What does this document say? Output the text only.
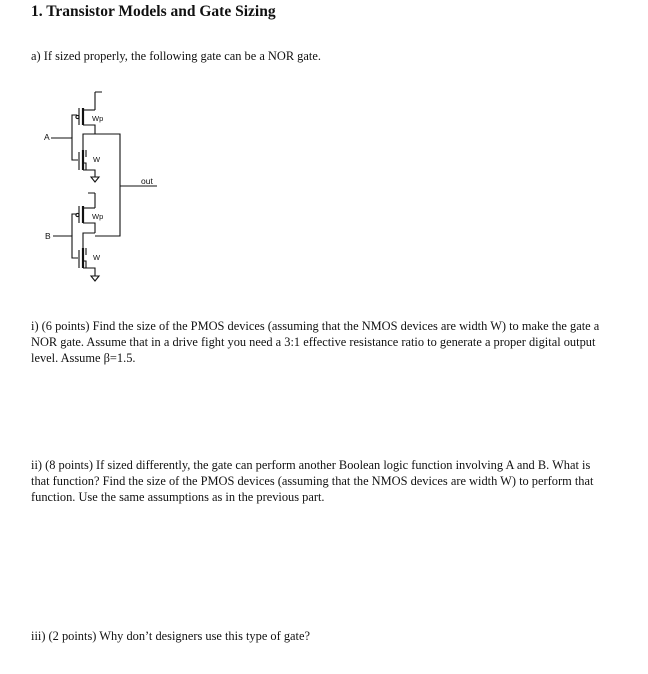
1. Transistor Models and Gate Sizing

a) If sized properly, the following gate can be a NOR gate.

Wp
A
W
Wp
B
W
out

i) (6 points) Find the size of the PMOS devices (assuming that the NMOS devices are width W) to make the gate a NOR gate. Assume that in a drive fight you need a 3:1 effective resistance ratio to generate a proper digital output level. Assume β=1.5.

ii) (8 points) If sized differently, the gate can perform another Boolean logic function involving A and B. What is that function? Find the size of the PMOS devices (assuming that the NMOS devices are width W) to perform that function. Use the same assumptions as in the previous part.

iii) (2 points) Why don’t designers use this type of gate?
